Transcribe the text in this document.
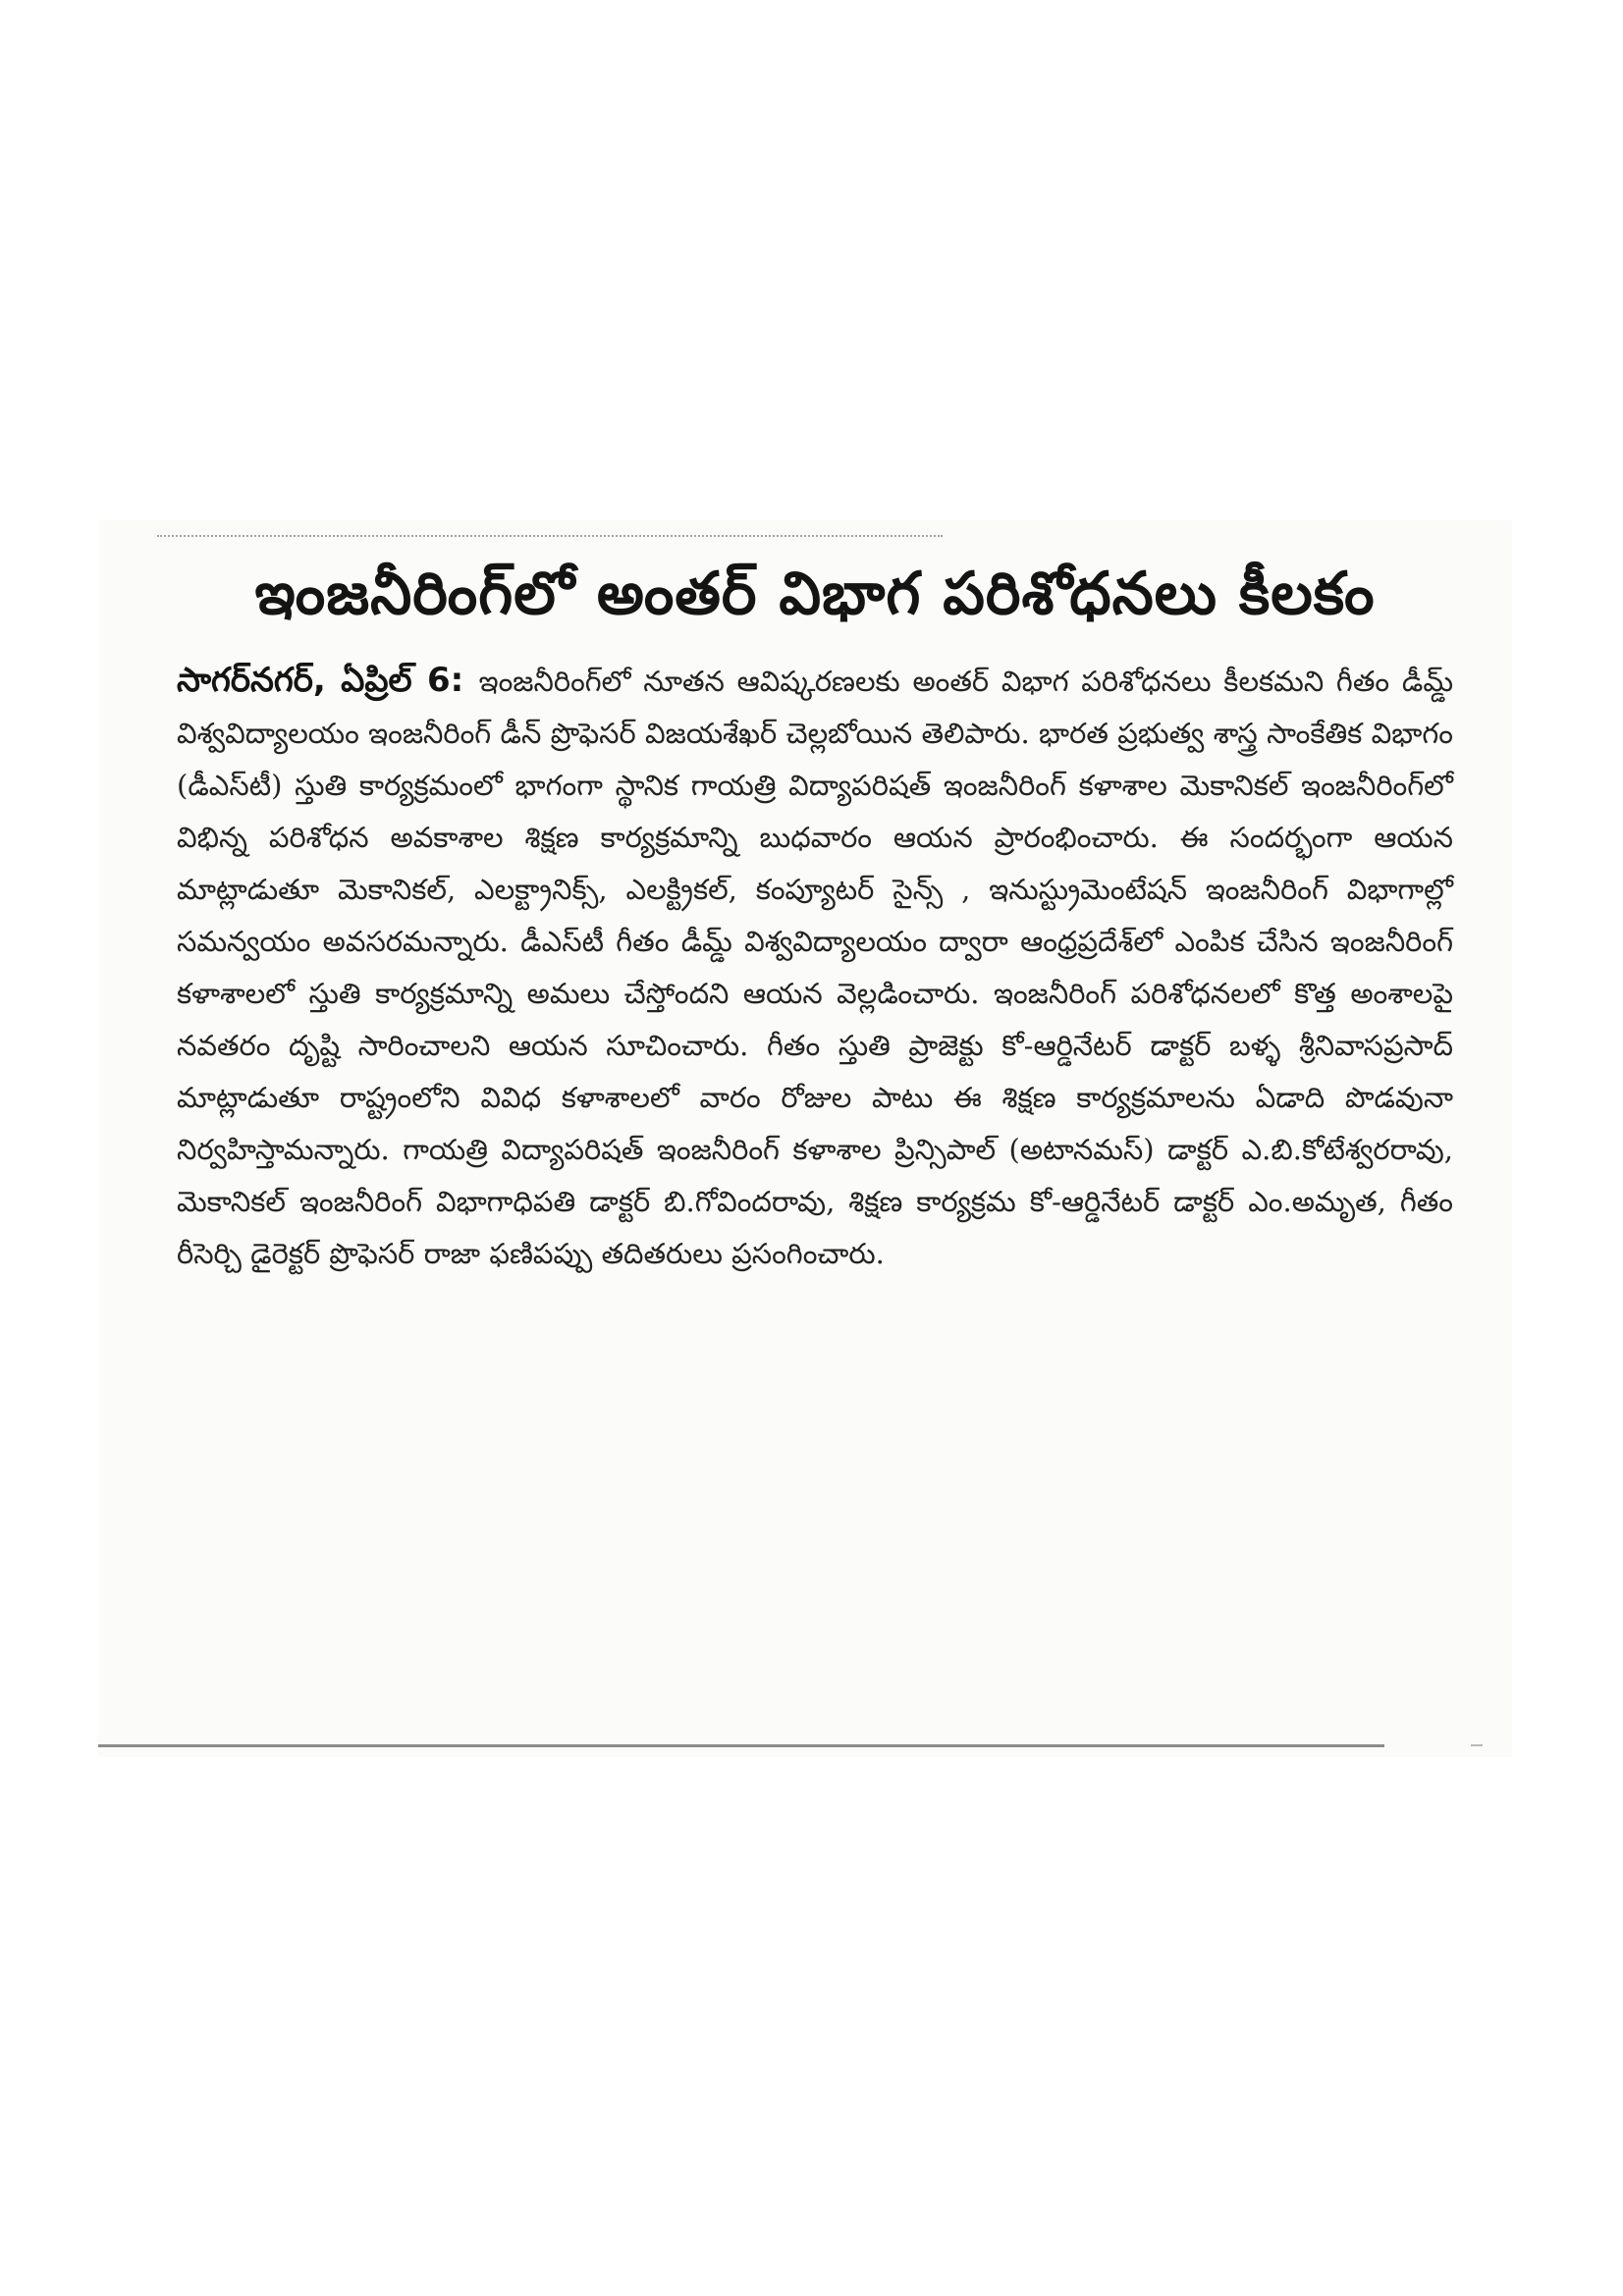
ఇంజనీరింగ్‌లో అంతర్ విభాగ పరిశోధనలు కీలకం

సాగర్‌నగర్, ఏప్రిల్ 6: ఇంజనీరింగ్‌లో నూతన ఆవిష్కరణలకు అంతర్ విభాగ పరిశోధనలు కీలకమని గీతం డీమ్డ్ విశ్వవిద్యాలయం ఇంజనీరింగ్ డీన్ ప్రొఫెసర్ విజయశేఖర్ చెల్లబోయిన తెలిపారు. భారత ప్రభుత్వ శాస్త్ర సాంకేతిక విభాగం (డీఎస్‌టీ) స్తుతి కార్యక్రమంలో భాగంగా స్థానిక గాయత్రి విద్యాపరిషత్ ఇంజనీరింగ్ కళాశాల మెకానికల్ ఇంజనీరింగ్‌లో విభిన్న పరిశోధన అవకాశాల శిక్షణ కార్యక్రమాన్ని బుధవారం ఆయన ప్రారంభించారు. ఈ సందర్భంగా ఆయన మాట్లాడుతూ మెకానికల్, ఎలక్ట్రానిక్స్, ఎలక్ట్రికల్, కంప్యూటర్ సైన్స్ , ఇనుస్ట్రుమెంటేషన్ ఇంజనీరింగ్ విభాగాల్లో సమన్వయం అవసరమన్నారు. డీఎస్‌టీ గీతం డీమ్డ్ విశ్వవిద్యాలయం ద్వారా ఆంధ్రప్రదేశ్‌లో ఎంపిక చేసిన ఇంజనీరింగ్ కళాశాలలో స్తుతి కార్యక్రమాన్ని అమలు చేస్తోందని ఆయన వెల్లడించారు. ఇంజనీరింగ్ పరిశోధనలలో కొత్త అంశాలపై నవతరం దృష్టి సారించాలని ఆయన సూచించారు. గీతం స్తుతి ప్రాజెక్టు కో-ఆర్డినేటర్ డాక్టర్ బళ్ళ శ్రీనివాసప్రసాద్ మాట్లాడుతూ రాష్ట్రంలోని వివిధ కళాశాలలో వారం రోజుల పాటు ఈ శిక్షణ కార్యక్రమాలను ఏడాది పొడవునా నిర్వహిస్తామన్నారు. గాయత్రి విద్యాపరిషత్ ఇంజనీరింగ్ కళాశాల ప్రిన్సిపాల్ (అటానమస్) డాక్టర్ ఎ.బి.కోటేశ్వరరావు, మెకానికల్ ఇంజనీరింగ్ విభాగాధిపతి డాక్టర్ బి.గోవిందరావు, శిక్షణ కార్యక్రమ కో-ఆర్డినేటర్ డాక్టర్ ఎం.అమృత, గీతం రీసెర్చి డైరెక్టర్ ప్రొఫెసర్ రాజా ఫణిపప్పు తదితరులు ప్రసంగించారు.
